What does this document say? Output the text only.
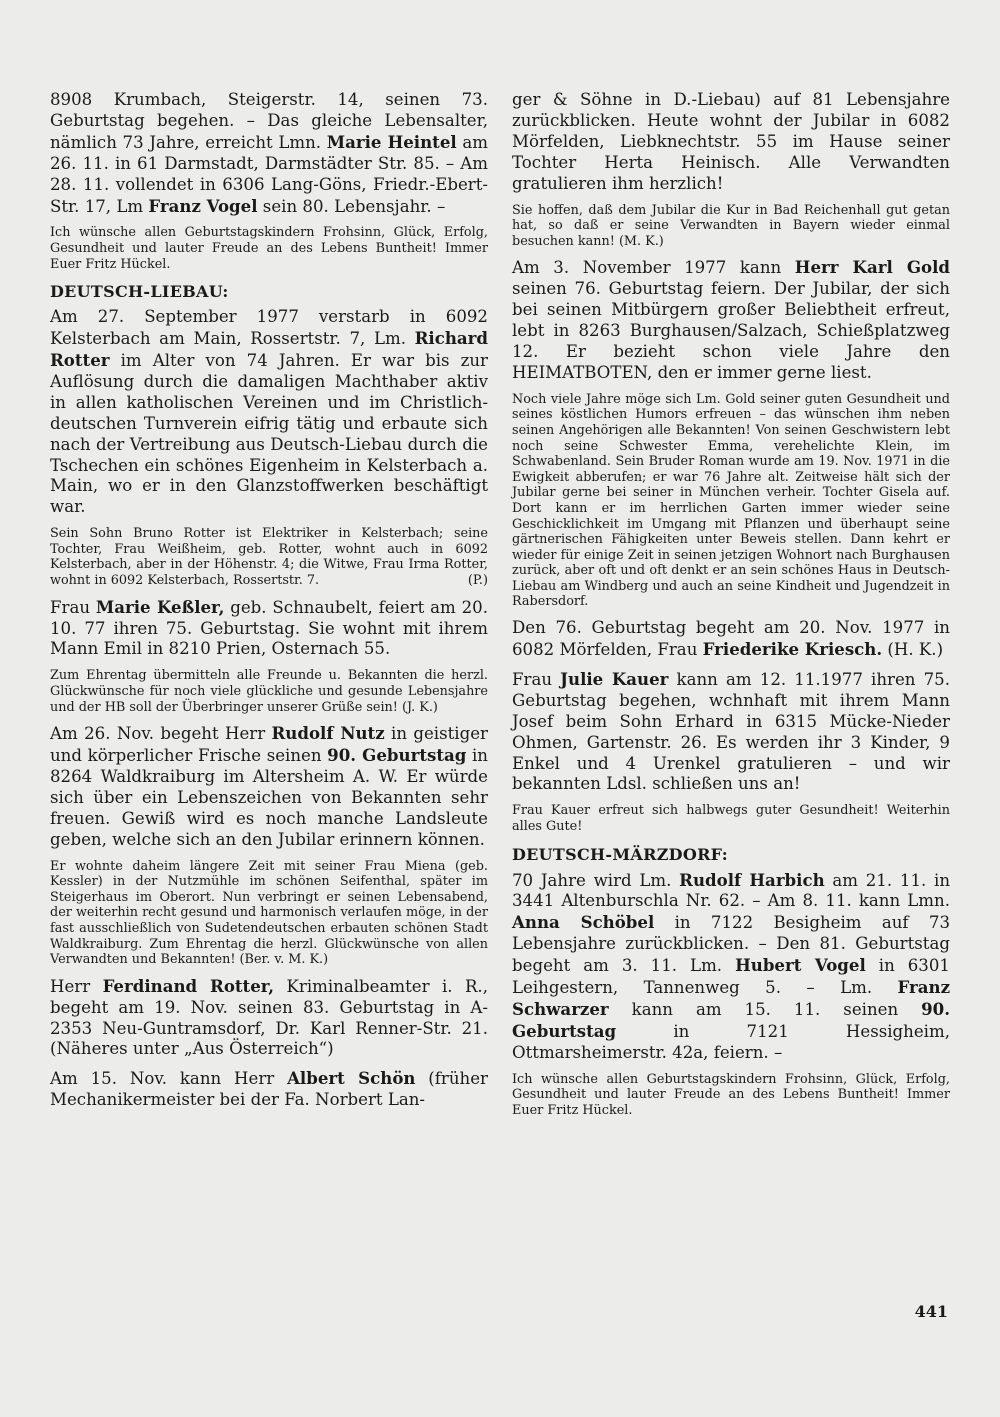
8908 Krumbach, Steigerstr. 14, seinen 73. Geburtstag begehen. – Das gleiche Lebensalter, nämlich 73 Jahre, erreicht Lmn. Marie Heintel am 26. 11. in 61 Darmstadt, Darmstädter Str. 85. – Am 28. 11. vollendet in 6306 Lang-Göns, Friedr.-Ebert-Str. 17, Lm Franz Vogel sein 80. Lebensjahr. –

Ich wünsche allen Geburtstagskindern Frohsinn, Glück, Erfolg, Gesundheit und lauter Freude an des Lebens Buntheit! Immer Euer Fritz Hückel.

DEUTSCH-LIEBAU:

Am 27. September 1977 verstarb in 6092 Kelsterbach am Main, Rossertstr. 7, Lm. Richard Rotter im Alter von 74 Jahren. Er war bis zur Auflösung durch die damaligen Machthaber aktiv in allen katholischen Vereinen und im Christlich-deutschen Turnverein eifrig tätig und erbaute sich nach der Vertreibung aus Deutsch-Liebau durch die Tschechen ein schönes Eigenheim in Kelsterbach a. Main, wo er in den Glanzstoffwerken beschäftigt war.

Sein Sohn Bruno Rotter ist Elektriker in Kelsterbach; seine Tochter, Frau Weißheim, geb. Rotter, wohnt auch in 6092 Kelsterbach, aber in der Höhenstr. 4; die Witwe, Frau Irma Rotter, wohnt in 6092 Kelsterbach, Rossertstr. 7.	(P.)

Frau Marie Keßler, geb. Schnaubelt, feiert am 20. 10. 77 ihren 75. Geburtstag. Sie wohnt mit ihrem Mann Emil in 8210 Prien, Osternach 55.

Zum Ehrentag übermitteln alle Freunde u. Bekannten die herzl. Glückwünsche für noch viele glückliche und gesunde Lebensjahre und der HB soll der Überbringer unserer Grüße sein! (J. K.)

Am 26. Nov. begeht Herr Rudolf Nutz in geistiger und körperlicher Frische seinen 90. Geburtstag in 8264 Waldkraiburg im Altersheim A. W. Er würde sich über ein Lebenszeichen von Bekannten sehr freuen. Gewiß wird es noch manche Landsleute geben, welche sich an den Jubilar erinnern können.

Er wohnte daheim längere Zeit mit seiner Frau Miena (geb. Kessler) in der Nutzmühle im schönen Seifenthal, später im Steigerhaus im Oberort. Nun verbringt er seinen Lebensabend, der weiterhin recht gesund und harmonisch verlaufen möge, in der fast ausschließlich von Sudetendeutschen erbauten schönen Stadt Waldkraiburg. Zum Ehrentag die herzl. Glückwünsche von allen Verwandten und Bekannten! (Ber. v. M. K.)

Herr Ferdinand Rotter, Kriminalbeamter i. R., begeht am 19. Nov. seinen 83. Geburtstag in A-2353 Neu-Guntramsdorf, Dr. Karl Renner-Str. 21. (Näheres unter „Aus Österreich“)

Am 15. Nov. kann Herr Albert Schön (früher Mechanikermeister bei der Fa. Norbert Lan-

ger & Söhne in D.-Liebau) auf 81 Lebensjahre zurückblicken. Heute wohnt der Jubilar in 6082 Mörfelden, Liebknechtstr. 55 im Hause seiner Tochter Herta Heinisch. Alle Verwandten gratulieren ihm herzlich!

Sie hoffen, daß dem Jubilar die Kur in Bad Reichenhall gut getan hat, so daß er seine Verwandten in Bayern wieder einmal besuchen kann! (M. K.)

Am 3. November 1977 kann Herr Karl Gold seinen 76. Geburtstag feiern. Der Jubilar, der sich bei seinen Mitbürgern großer Beliebtheit erfreut, lebt in 8263 Burghausen/Salzach, Schießplatzweg 12. Er bezieht schon viele Jahre den HEIMATBOTEN, den er immer gerne liest.

Noch viele Jahre möge sich Lm. Gold seiner guten Gesundheit und seines köstlichen Humors erfreuen – das wünschen ihm neben seinen Angehörigen alle Bekannten! Von seinen Geschwistern lebt noch seine Schwester Emma, verehelichte Klein, im Schwabenland. Sein Bruder Roman wurde am 19. Nov. 1971 in die Ewigkeit abberufen; er war 76 Jahre alt. Zeitweise hält sich der Jubilar gerne bei seiner in München verheir. Tochter Gisela auf. Dort kann er im herrlichen Garten immer wieder seine Geschicklichkeit im Umgang mit Pflanzen und überhaupt seine gärtnerischen Fähigkeiten unter Beweis stellen. Dann kehrt er wieder für einige Zeit in seinen jetzigen Wohnort nach Burghausen zurück, aber oft und oft denkt er an sein schönes Haus in Deutsch-Liebau am Windberg und auch an seine Kindheit und Jugendzeit in Rabersdorf.

Den 76. Geburtstag begeht am 20. Nov. 1977 in 6082 Mörfelden, Frau Friederike Kriesch. (H. K.)

Frau Julie Kauer kann am 12. 11.1977 ihren 75. Geburtstag begehen, wchnhaft mit ihrem Mann Josef beim Sohn Erhard in 6315 Mücke-Nieder Ohmen, Gartenstr. 26. Es werden ihr 3 Kinder, 9 Enkel und 4 Urenkel gratulieren – und wir bekannten Ldsl. schließen uns an!

Frau Kauer erfreut sich halbwegs guter Gesundheit! Weiterhin alles Gute!

DEUTSCH-MÄRZDORF:

70 Jahre wird Lm. Rudolf Harbich am 21. 11. in 3441 Altenburschla Nr. 62. – Am 8. 11. kann Lmn. Anna Schöbel in 7122 Besigheim auf 73 Lebensjahre zurückblicken. – Den 81. Geburtstag begeht am 3. 11. Lm. Hubert Vogel in 6301 Leihgestern, Tannenweg 5. – Lm. Franz Schwarzer kann am 15. 11. seinen 90. Geburtstag in 7121 Hessigheim, Ottmarsheimerstr. 42a, feiern. –

Ich wünsche allen Geburtstagskindern Frohsinn, Glück, Erfolg, Gesundheit und lauter Freude an des Lebens Buntheit! Immer Euer Fritz Hückel.

441
